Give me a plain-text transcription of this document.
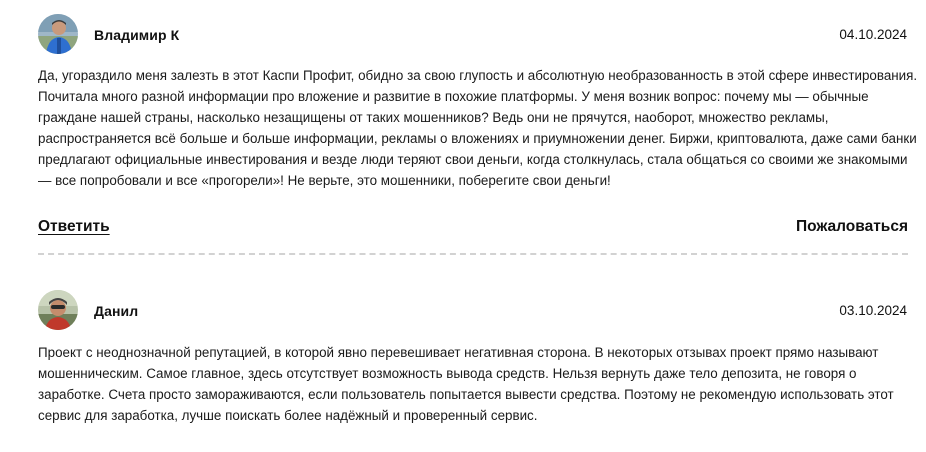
Владимир К	04.10.2024

Да, угораздило меня залезть в этот Каспи Профит, обидно за свою глупость и абсолютную необразованность в этой сфере инвестирования. Почитала много разной информации про вложение и развитие в похожие платформы. У меня возник вопрос: почему мы — обычные граждане нашей страны, насколько незащищены от таких мошенников? Ведь они не прячутся, наоборот, множество рекламы, распространяется всё больше и больше информации, рекламы о вложениях и приумножении денег. Биржи, криптовалюта, даже сами банки предлагают официальные инвестирования и везде люди теряют свои деньги, когда столкнулась, стала общаться со своими же знакомыми — все попробовали и все «прогорели»! Не верьте, это мошенники, поберегите свои деньги!

Ответить	Пожаловаться
Данил	03.10.2024

Проект с неоднозначной репутацией, в которой явно перевешивает негативная сторона. В некоторых отзывах проект прямо называют мошенническим. Самое главное, здесь отсутствует возможность вывода средств. Нельзя вернуть даже тело депозита, не говоря о заработке. Счета просто замораживаются, если пользователь попытается вывести средства. Поэтому не рекомендую использовать этот сервис для заработка, лучше поискать более надёжный и проверенный сервис.
